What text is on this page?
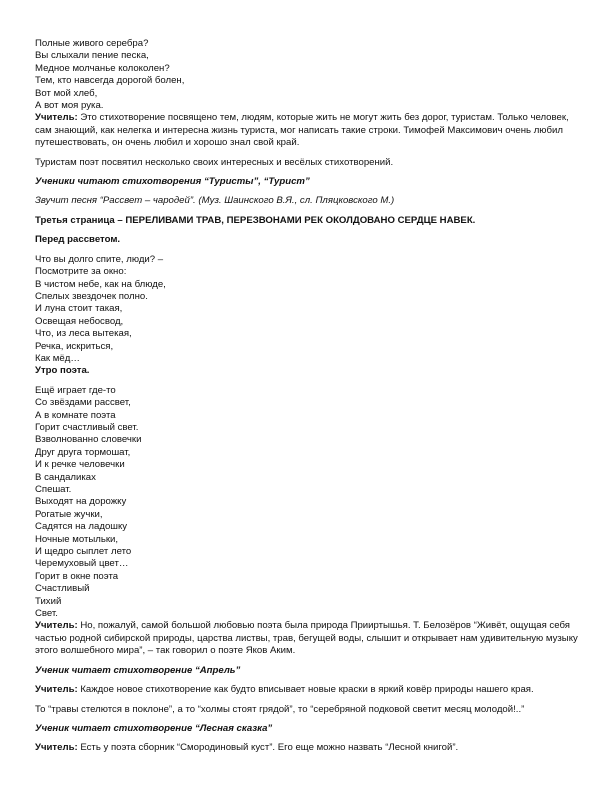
Полные живого серебра?
Вы слыхали пение песка,
Медное молчанье колоколен?
Тем, кто навсегда дорогой болен,
Вот мой хлеб,
А вот моя рука.

Учитель: Это стихотворение посвящено тем, людям, которые жить не могут жить без дорог, туристам. Только человек, сам знающий, как нелегка и интересна жизнь туриста, мог написать такие строки. Тимофей Максимович очень любил путешествовать, он очень любил и хорошо знал свой край.

Туристам поэт посвятил несколько своих интересных и весёлых стихотворений.

Ученики читают стихотворения “Туристы”, “Турист”

Звучит песня “Рассвет – чародей”. (Муз. Шаинского В.Я., сл. Пляцковского М.)

Третья страница – ПЕРЕЛИВАМИ ТРАВ, ПЕРЕЗВОНАМИ РЕК ОКОЛДОВАНО СЕРДЦЕ НАВЕК.

Перед рассветом.

Что вы долго спите, люди? –
Посмотрите за окно:
В чистом небе, как на блюде,
Спелых звездочек полно.
И луна стоит такая,
Освещая небосвод,
Что, из леса вытекая,
Речка, искриться,
Как мёд…

Утро поэта.

Ещё играет где-то
Со звёздами рассвет,
А в комнате поэта
Горит счастливый свет.
Взволнованно словечки
Друг друга тормошат,
И к речке человечки
В сандаликах
Спешат.
Выходят на дорожку
Рогатые жучки,
Садятся на ладошку
Ночные мотыльки,
И щедро сыплет лето
Черемуховый цвет…
Горит в окне поэта
Счастливый
Тихий
Свет.

Учитель: Но, пожалуй, самой большой любовью поэта была природа Прииртышья. Т. Белозёров “Живёт, ощущая себя частью родной сибирской природы, царства листвы, трав, бегущей воды, слышит и открывает нам удивительную музыку этого волшебного мира”, – так говорил о поэте Яков Аким.

Ученик читает стихотворение “Апрель”

Учитель: Каждое новое стихотворение как будто вписывает новые краски в яркий ковёр природы нашего края.

То “травы стелются в поклоне”, а то “холмы стоят грядой”, то “серебряной подковой светит месяц молодой!..”

Ученик читает стихотворение “Лесная сказка”

Учитель: Есть у поэта сборник “Смородиновый куст”. Его еще можно назвать “Лесной книгой”.
